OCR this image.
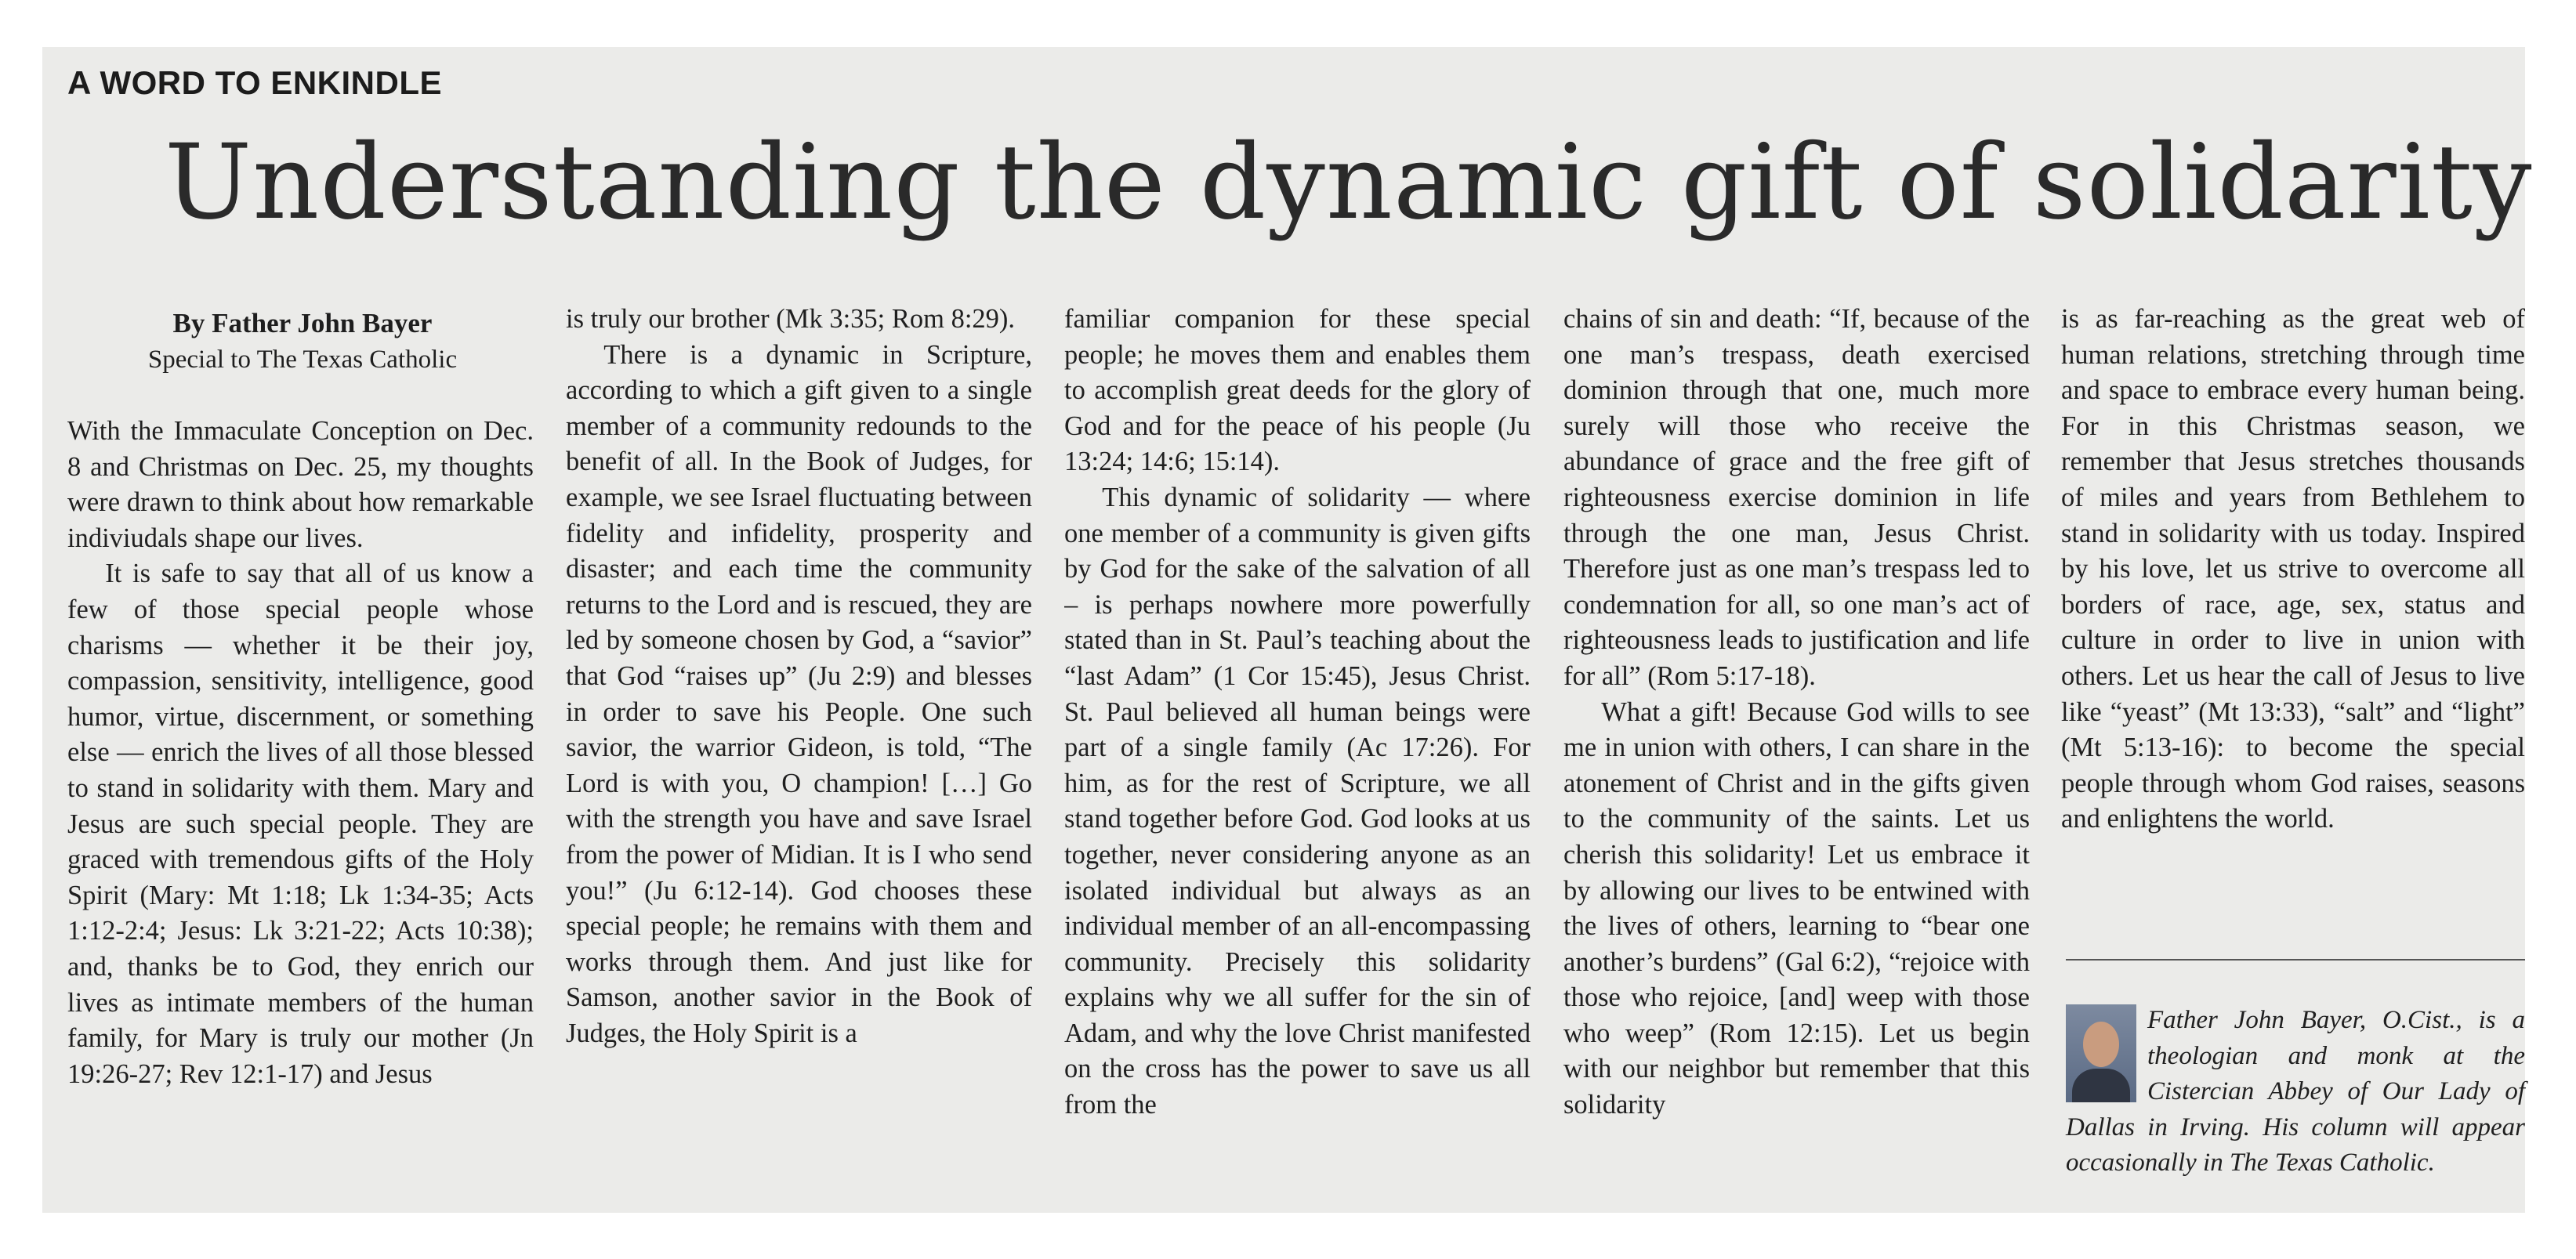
A WORD TO ENKINDLE
Understanding the dynamic gift of solidarity
By Father John Bayer
Special to The Texas Catholic

With the Immaculate Conception on Dec. 8 and Christmas on Dec. 25, my thoughts were drawn to think about how remarkable indiviudals shape our lives.

It is safe to say that all of us know a few of those special people whose charisms — whether it be their joy, compassion, sensitivity, intelligence, good humor, virtue, discernment, or something else — enrich the lives of all those blessed to stand in solidarity with them. Mary and Jesus are such special people. They are graced with tremendous gifts of the Holy Spirit (Mary: Mt 1:18; Lk 1:34-35; Acts 1:12-2:4; Jesus: Lk 3:21-22; Acts 10:38); and, thanks be to God, they enrich our lives as intimate members of the human family, for Mary is truly our mother (Jn 19:26-27; Rev 12:1-17) and Jesus

is truly our brother (Mk 3:35; Rom 8:29).

There is a dynamic in Scripture, according to which a gift given to a single member of a community redounds to the benefit of all. In the Book of Judges, for example, we see Israel fluctuating between fidelity and infidelity, prosperity and disaster; and each time the community returns to the Lord and is rescued, they are led by someone chosen by God, a “savior” that God “raises up” (Ju 2:9) and blesses in order to save his People. One such savior, the warrior Gideon, is told, “The Lord is with you, O champion! […] Go with the strength you have and save Israel from the power of Midian. It is I who send you!” (Ju 6:12-14). God chooses these special people; he remains with them and works through them. And just like for Samson, another savior in the Book of Judges, the Holy Spirit is a

familiar companion for these special people; he moves them and enables them to accomplish great deeds for the glory of God and for the peace of his people (Ju 13:24; 14:6; 15:14).

This dynamic of solidarity — where one member of a community is given gifts by God for the sake of the salvation of all – is perhaps nowhere more powerfully stated than in St. Paul’s teaching about the “last Adam” (1 Cor 15:45), Jesus Christ. St. Paul believed all human beings were part of a single family (Ac 17:26). For him, as for the rest of Scripture, we all stand together before God. God looks at us together, never considering anyone as an isolated individual but always as an individual member of an all-encompassing community. Precisely this solidarity explains why we all suffer for the sin of Adam, and why the love Christ manifested on the cross has the power to save us all from the

chains of sin and death: “If, because of the one man’s trespass, death exercised dominion through that one, much more surely will those who receive the abundance of grace and the free gift of righteousness exercise dominion in life through the one man, Jesus Christ. Therefore just as one man’s trespass led to condemnation for all, so one man’s act of righteousness leads to justification and life for all” (Rom 5:17-18).

What a gift! Because God wills to see me in union with others, I can share in the atonement of Christ and in the gifts given to the community of the saints. Let us cherish this solidarity! Let us embrace it by allowing our lives to be entwined with the lives of others, learning to “bear one another’s burdens” (Gal 6:2), “rejoice with those who rejoice, [and] weep with those who weep” (Rom 12:15). Let us begin with our neighbor but remember that this solidarity

is as far-reaching as the great web of human relations, stretching through time and space to embrace every human being. For in this Christmas season, we remember that Jesus stretches thousands of miles and years from Bethlehem to stand in solidarity with us today. Inspired by his love, let us strive to overcome all borders of race, age, sex, status and culture in order to live in union with others. Let us hear the call of Jesus to live like “yeast” (Mt 13:33), “salt” and “light” (Mt 5:13-16): to become the special people through whom God raises, seasons and enlightens the world.

Father John Bayer, O.Cist., is a theologian and monk at the Cistercian Abbey of Our Lady of Dallas in Irving. His column will appear occasionally in The Texas Catholic.
